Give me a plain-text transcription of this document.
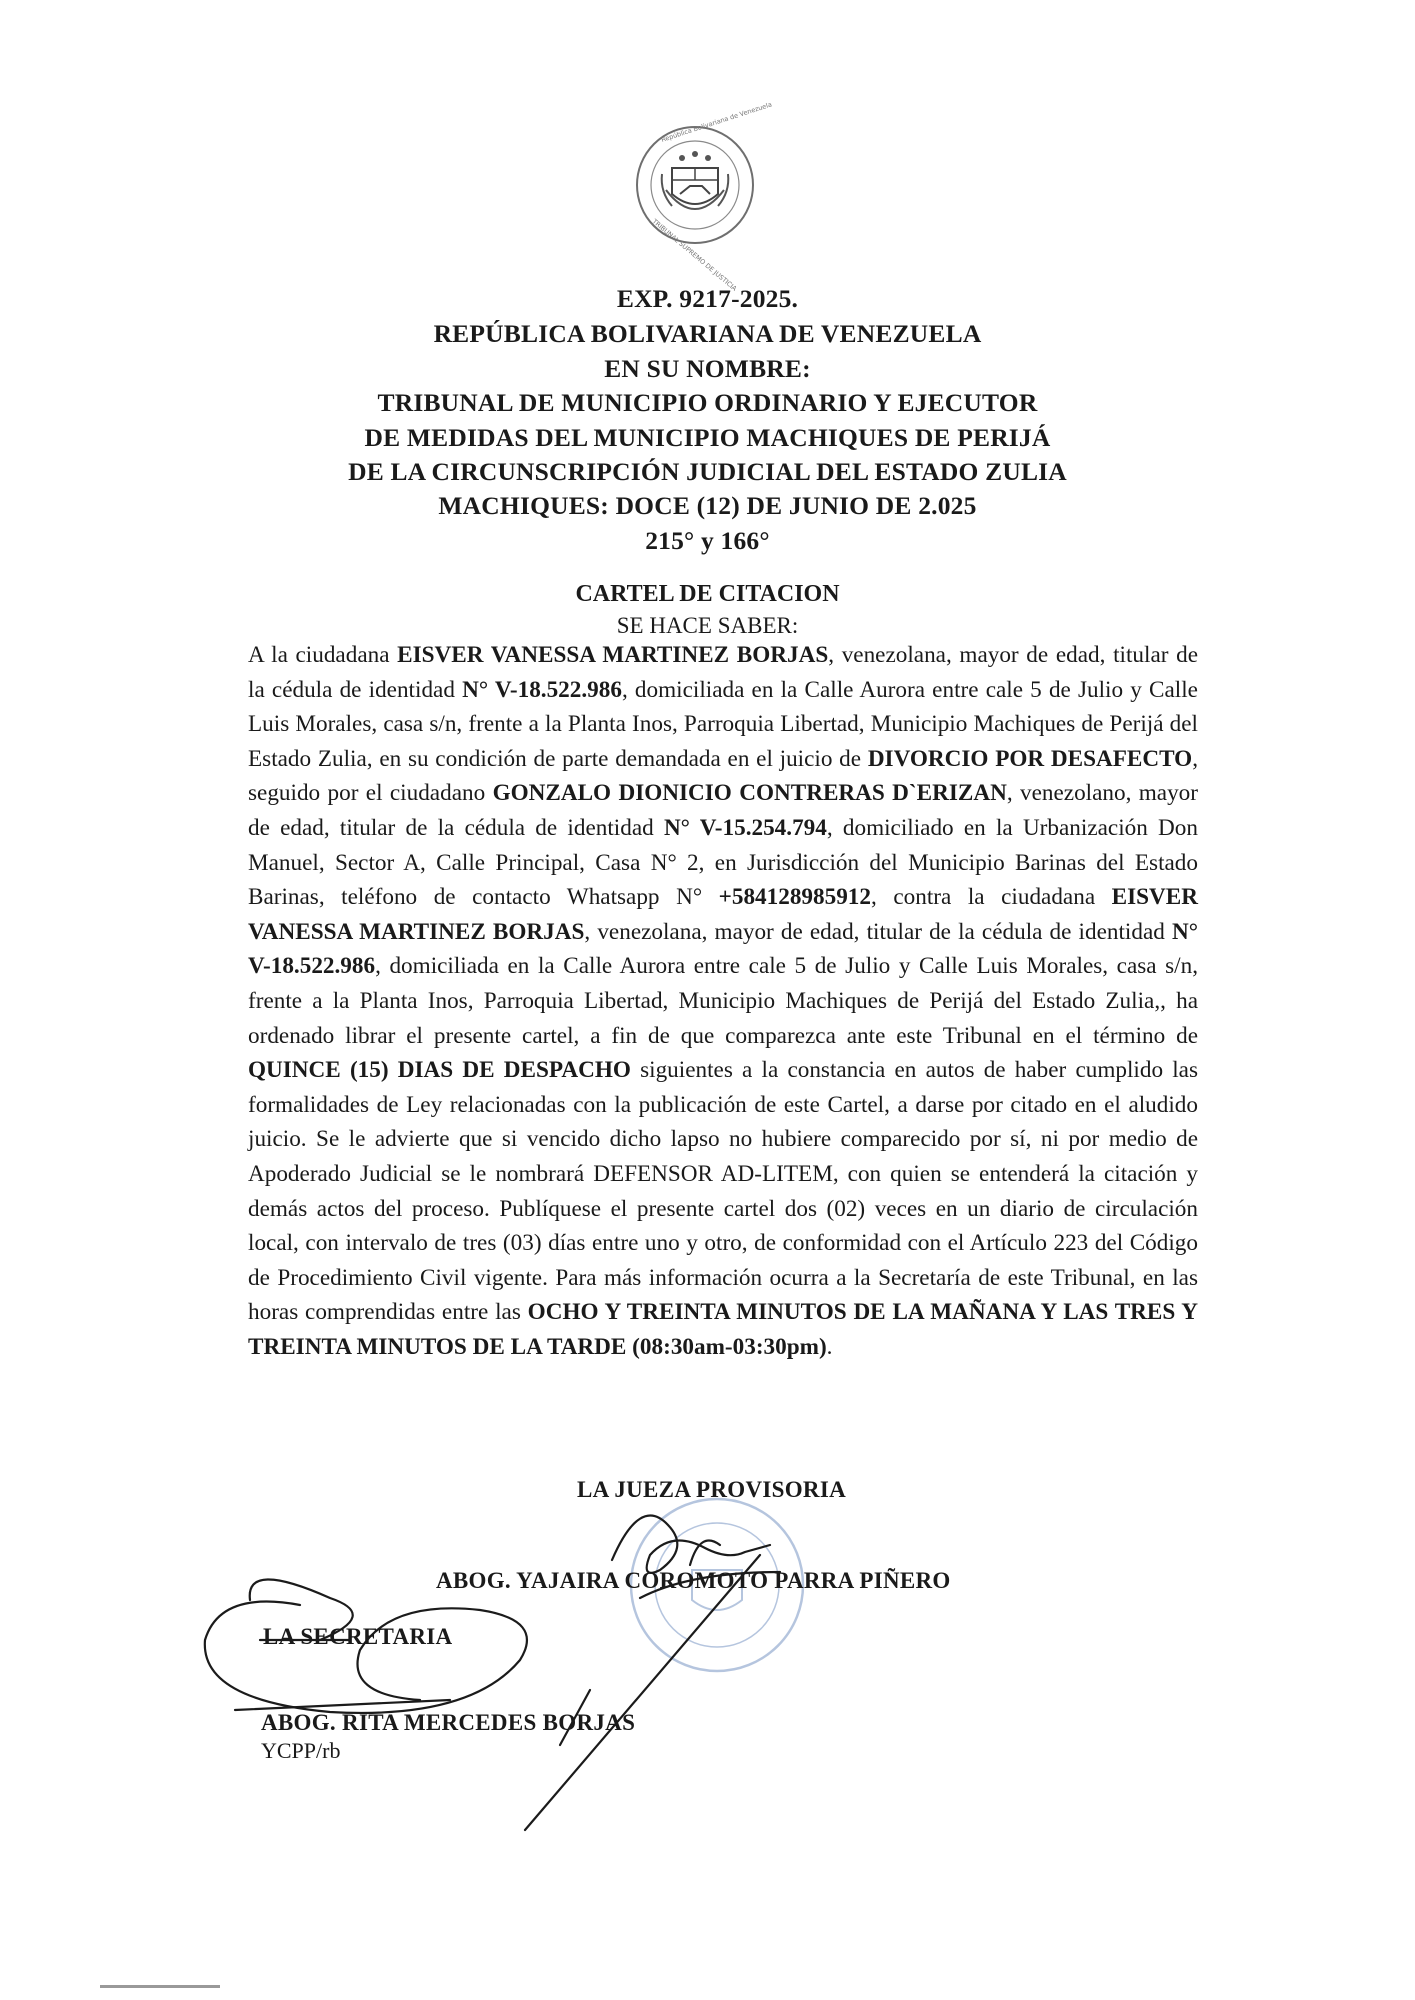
República Bolivariana de Venezuela
TRIBUNAL SUPREMO DE JUSTICIA
EXP. 9217-2025.
REPÚBLICA BOLIVARIANA DE VENEZUELA
EN SU NOMBRE:
TRIBUNAL DE MUNICIPIO ORDINARIO Y EJECUTOR
DE MEDIDAS DEL MUNICIPIO MACHIQUES DE PERIJÁ
DE LA CIRCUNSCRIPCIÓN JUDICIAL DEL ESTADO ZULIA
MACHIQUES: DOCE (12) DE JUNIO DE 2.025
215° y 166°
CARTEL DE CITACION
SE HACE SABER:

A la ciudadana EISVER VANESSA MARTINEZ BORJAS, venezolana, mayor de edad, titular de la cédula de identidad N° V-18.522.986, domiciliada en la Calle Aurora entre cale 5 de Julio y Calle Luis Morales, casa s/n, frente a la Planta Inos, Parroquia Libertad, Municipio Machiques de Perijá del Estado Zulia, en su condición de parte demandada en el juicio de DIVORCIO POR DESAFECTO, seguido por el ciudadano GONZALO DIONICIO CONTRERAS D`ERIZAN, venezolano, mayor de edad, titular de la cédula de identidad N° V-15.254.794, domiciliado en la Urbanización Don Manuel, Sector A, Calle Principal, Casa N° 2, en Jurisdicción del Municipio Barinas del Estado Barinas, teléfono de contacto Whatsapp N° +584128985912, contra la ciudadana EISVER VANESSA MARTINEZ BORJAS, venezolana, mayor de edad, titular de la cédula de identidad N° V-18.522.986, domiciliada en la Calle Aurora entre cale 5 de Julio y Calle Luis Morales, casa s/n, frente a la Planta Inos, Parroquia Libertad, Municipio Machiques de Perijá del Estado Zulia,, ha ordenado librar el presente cartel, a fin de que comparezca ante este Tribunal en el término de QUINCE (15) DIAS DE DESPACHO siguientes a la constancia en autos de haber cumplido las formalidades de Ley relacionadas con la publicación de este Cartel, a darse por citado en el aludido juicio. Se le advierte que si vencido dicho lapso no hubiere comparecido por sí, ni por medio de Apoderado Judicial se le nombrará DEFENSOR AD-LITEM, con quien se entenderá la citación y demás actos del proceso. Publíquese el presente cartel dos (02) veces en un diario de circulación local, con intervalo de tres (03) días entre uno y otro, de conformidad con el Artículo 223 del Código de Procedimiento Civil vigente. Para más información ocurra a la Secretaría de este Tribunal, en las horas comprendidas entre las OCHO Y TREINTA MINUTOS DE LA MAÑANA Y LAS TRES Y TREINTA MINUTOS DE LA TARDE (08:30am-03:30pm).

LA JUEZA PROVISORIA
ABOG. YAJAIRA COROMOTO PARRA PIÑERO
LA SECRETARIA
ABOG. RITA MERCEDES BORJAS
YCPP/rb
